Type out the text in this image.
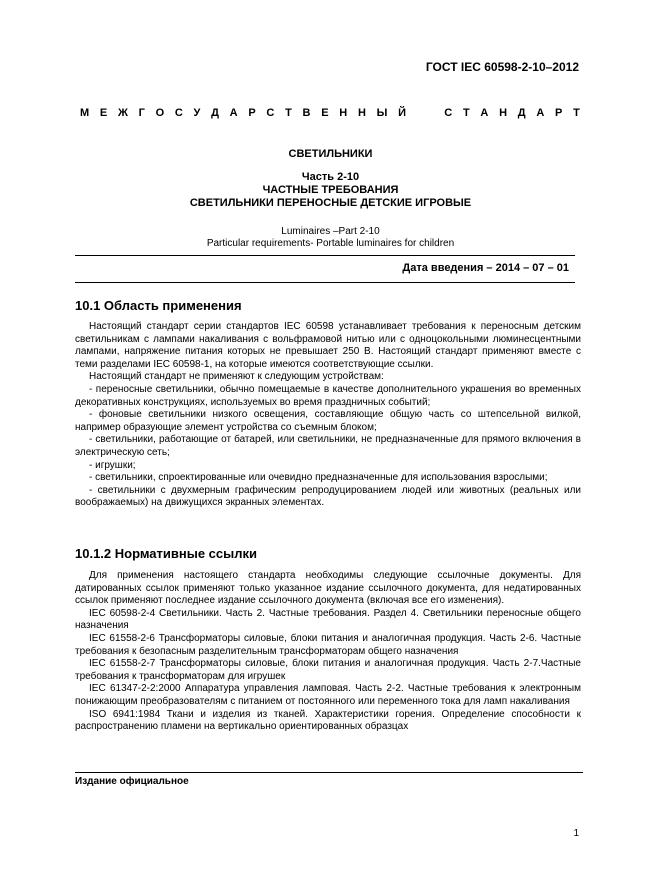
ГОСТ IEC 60598-2-10–2012
М Е Ж Г О С У Д А Р С Т В Е Н Н Ы Й

	С Т А Н Д А Р Т
СВЕТИЛЬНИКИ
Часть 2-10
ЧАСТНЫЕ ТРЕБОВАНИЯ
СВЕТИЛЬНИКИ ПЕРЕНОСНЫЕ ДЕТСКИЕ ИГРОВЫЕ
Luminaires –Part 2-10
Particular requirements- Portable luminaires for children
Дата введения – 2014 – 07 – 01
10.1 Область применения

Настоящий стандарт серии стандартов IEC 60598 устанавливает требования к переносным детским светильникам с лампами накаливания с вольфрамовой нитью или с одноцокольными люминесцентными лампами, напряжение питания которых не превышает 250 В. Настоящий стандарт применяют вместе с теми разделами IEC 60598-1, на которые имеются соответствующие ссылки.

Настоящий стандарт не применяют к следующим устройствам:

- переносные светильники, обычно помещаемые в качестве дополнительного украшения во временных декоративных конструкциях, используемых во время праздничных событий;

- фоновые светильники низкого освещения, составляющие общую часть со штепсельной вилкой, например образующие элемент устройства со съемным блоком;

- светильники, работающие от батарей, или светильники, не предназначенные для прямого включения в электрическую сеть;

- игрушки;

- светильники, спроектированные или очевидно предназначенные для использования взрослыми;

- светильники с двухмерным графическим репродуцированием людей или животных (реальных или воображаемых) на движущихся экранных элементах.

10.1.2 Нормативные ссылки

Для применения настоящего стандарта необходимы следующие ссылочные документы. Для датированных ссылок применяют только указанное издание ссылочного документа, для недатированных ссылок применяют последнее издание ссылочного документа (включая все его изменения).

IEC 60598-2-4 Светильники. Часть 2. Частные требования. Раздел 4. Светильники переносные общего назначения

IEC 61558-2-6 Трансформаторы силовые, блоки питания и аналогичная продукция. Часть 2-6. Частные требования к безопасным разделительным трансформаторам общего назначения

IEC 61558-2-7 Трансформаторы силовые, блоки питания и аналогичная продукция. Часть 2-7.Частные требования к трансформаторам для игрушек

IEC 61347-2-2:2000 Аппаратура управления ламповая. Часть 2-2. Частные требования к электронным понижающим преобразователям с питанием от постоянного или переменного тока для ламп накаливания

ISO 6941:1984 Ткани и изделия из тканей. Характеристики горения. Определение способности к распространению пламени на вертикально ориентированных образцах

Издание официальное
1
